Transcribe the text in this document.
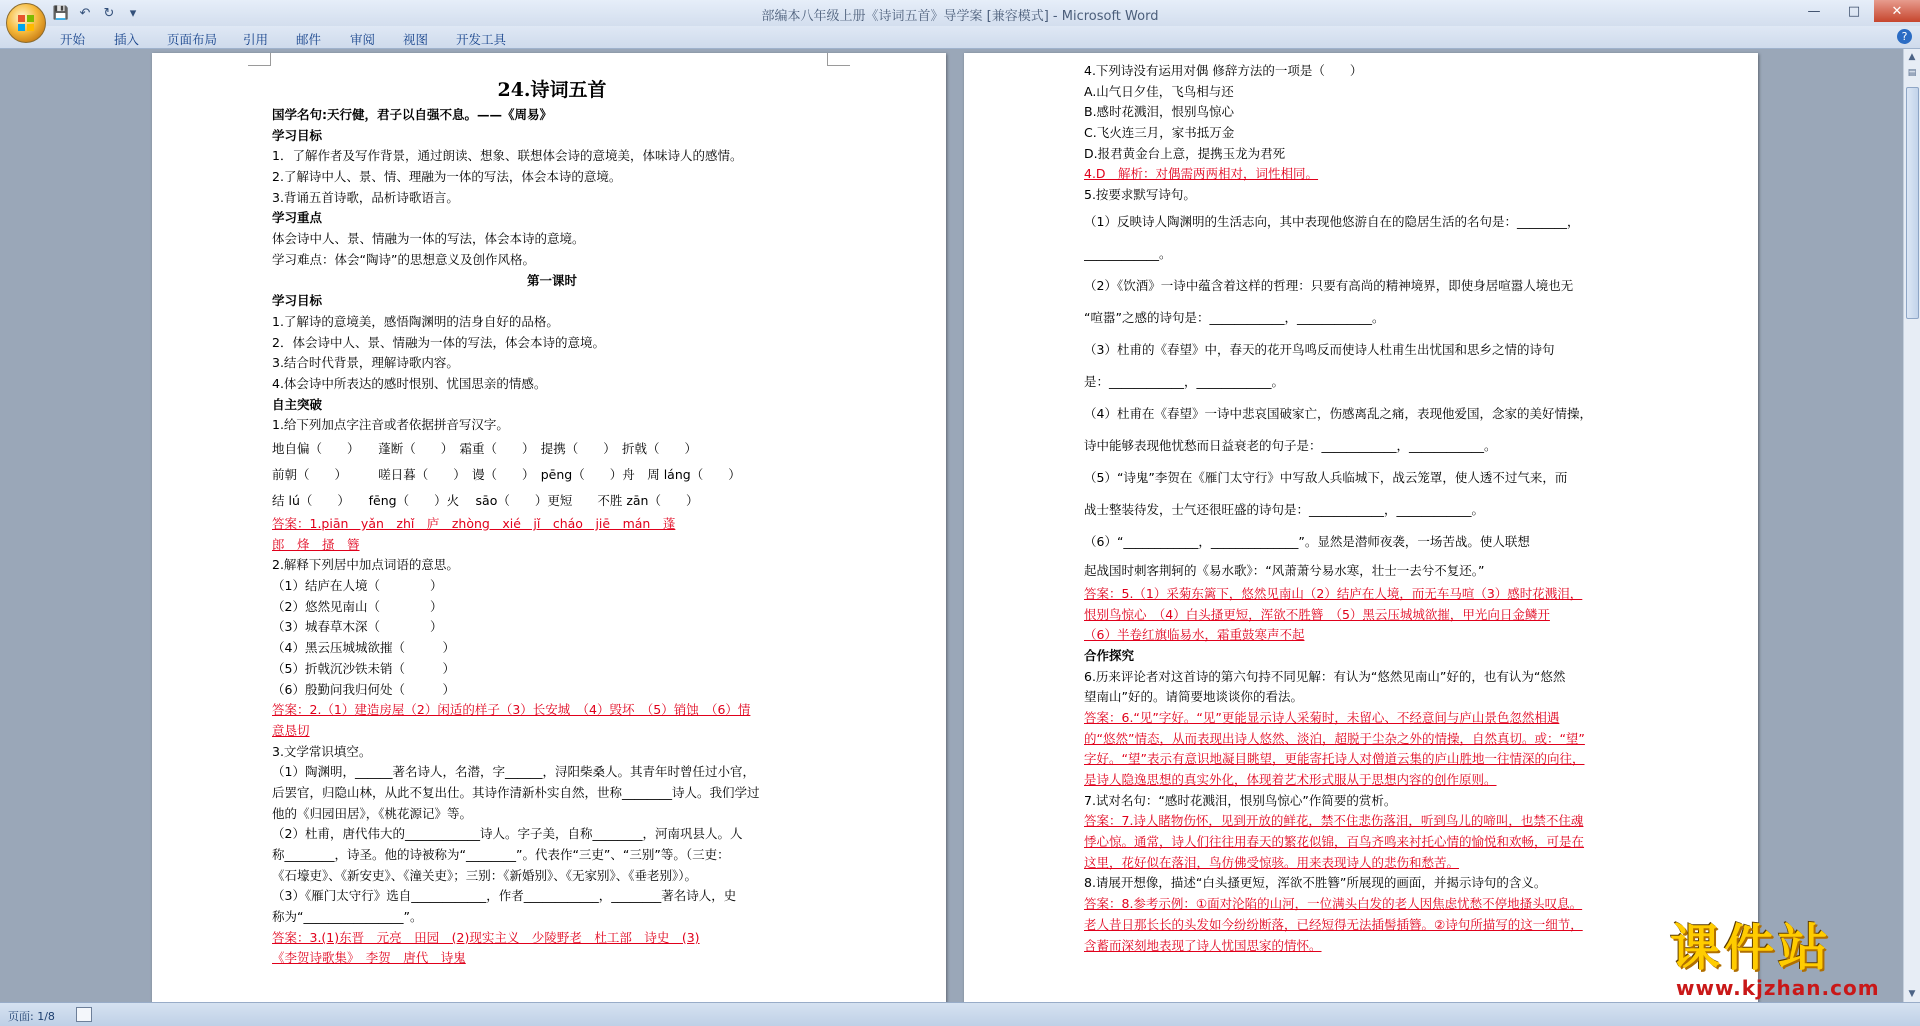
💾 ↶ ↻	▾	部编本八年级上册《诗词五首》导学案 [兼容模式] - Microsoft Word	—	□	✕
开始 插入 页面布局 引用 邮件 审阅 视图 开发工具	?
24.诗词五首
国学名句:天行健，君子以自强不息。——《周易》
学习目标
1．了解作者及写作背景，通过朗读、想象、联想体会诗的意境美，体味诗人的感情。
2.了解诗中人、景、情、理融为一体的写法，体会本诗的意境。
3.背诵五首诗歌，品析诗歌语言。
学习重点
体会诗中人、景、情融为一体的写法，体会本诗的意境。
学习难点：体会“陶诗”的思想意义及创作风格。
第一课时
学习目标
1.了解诗的意境美，感悟陶渊明的洁身自好的品格。
2．体会诗中人、景、情融为一体的写法，体会本诗的意境。
3.结合时代背景，理解诗歌内容。
4.体会诗中所表达的感时恨别、忧国思亲的情感。
自主突破
1.给下列加点字注音或者依据拼音写汉字。
地自偏（　　）　　蓬断（　　）　霜重（　　）　提携（　　）　折戟（　　）
前朝（　　）　　　嗟日暮（　　）　谩（　　）　pēng（　　）舟　周 láng（　　）
结 lú（　　）　　fēng（　　）火　 sāo（　　）更短　　不胜 zān（　　）
答案：1.piān　yǎn　zhǐ　庐　zhòng　xié　jǐ　cháo　jiē　mán　蓬
郎　烽　搔　簪
2.解释下列居中加点词语的意思。
（1）结庐在人境（　　　　）
（2）悠然见南山（　　　　）
（3）城春草木深（　　　　）
（4）黑云压城城欲摧（　　　）
（5）折戟沉沙铁未销（　　　）
（6）殷勤问我归何处（　　　）
答案：2.（1）建造房屋（2）闲适的样子（3）长安城　（4）毁坏　（5）销蚀　（6）情
意恳切
3.文学常识填空。
（1）陶渊明，______著名诗人，名潜，字______，浔阳柴桑人。其青年时曾任过小官，
后罢官，归隐山林，从此不复出仕。其诗作清新朴实自然，世称________诗人。我们学过
他的《归园田居》，《桃花源记》等。
（2）杜甫，唐代伟大的____________诗人。字子美，自称________，河南巩县人。人
称________，诗圣。他的诗被称为“________”。代表作“三吏”、“三别”等。（三吏：
《石壕吏》、《新安吏》、《潼关吏》；三别：《新婚别》、《无家别》、《垂老别》）。
（3）《雁门太守行》选自____________，作者____________，________著名诗人，史
称为“________________”。
答案：3.(1)东晋　元亮　田园　(2)现实主义　少陵野老　杜工部　诗史　(3)
《李贺诗歌集》　李贺　唐代　诗鬼
4.下列诗没有运用对偶 修辞方法的一项是（　　）
A.山气日夕佳，飞鸟相与还
B.感时花溅泪，恨别鸟惊心
C.飞火连三月，家书抵万金
D.报君黄金台上意，提携玉龙为君死
4.D　解析：对偶需两两相对，词性相同。
5.按要求默写诗句。
（1）反映诗人陶渊明的生活志向，其中表现他悠游自在的隐居生活的名句是：________，
____________。
（2）《饮酒》一诗中蕴含着这样的哲理：只要有高尚的精神境界，即使身居喧嚣人境也无
“喧嚣”之感的诗句是：____________，____________。
（3）杜甫的《春望》中，春天的花开鸟鸣反而使诗人杜甫生出忧国和思乡之情的诗句
是：____________，____________。
（4）杜甫在《春望》一诗中悲哀国破家亡，伤感离乱之痛，表现他爱国，念家的美好情操，
诗中能够表现他忧愁而日益衰老的句子是：____________，____________。
（5）“诗鬼”李贺在《雁门太守行》中写敌人兵临城下，战云笼罩，使人透不过气来，而
战士整装待发，士气还很旺盛的诗句是：____________，____________。
（6）“____________，______________”。显然是潜师夜袭，一场苦战。使人联想
起战国时刺客荆轲的《易水歌》：“风萧萧兮易水寒，壮士一去兮不复还。”
答案：5.（1）采菊东篱下，悠然见南山（2）结庐在人境，而无车马喧（3）感时花溅泪，
恨别鸟惊心　（4）白头搔更短，浑欲不胜簪　（5）黑云压城城欲摧，甲光向日金鳞开
（6）半卷红旗临易水，霜重鼓寒声不起
合作探究
6.历来评论者对这首诗的第六句持不同见解：有认为“悠然见南山”好的，也有认为“悠然
望南山”好的。请简要地谈谈你的看法。
答案：6.“见”字好。“见”更能显示诗人采菊时，未留心、不经意间与庐山景色忽然相遇
的“悠然”情态，从而表现出诗人悠然、淡泊，超脱于尘杂之外的情操，自然真切。或：“望”
字好。“望”表示有意识地凝目眺望，更能寄托诗人对僧道云集的庐山胜地一往情深的向往，
是诗人隐逸思想的真实外化，体现着艺术形式服从于思想内容的创作原则。
7.试对名句：“感时花溅泪，恨别鸟惊心”作简要的赏析。
答案：7.诗人睹物伤怀，见到开放的鲜花，禁不住悲伤落泪，听到鸟儿的啼叫，也禁不住魂
悸心惊。通常，诗人们往往用春天的繁花似锦，百鸟齐鸣来衬托心情的愉悦和欢畅，可是在
这里，花好似在落泪，鸟仿佛受惊骇。用来表现诗人的悲伤和愁苦。
8.请展开想像，描述“白头搔更短，浑欲不胜簪”所展现的画面，并揭示诗句的含义。
答案：8.参考示例：①面对沦陷的山河，一位满头白发的老人因焦虑忧愁不停地搔头叹息。
老人昔日那长长的头发如今纷纷断落，已经短得无法插髻插簪。②诗句所描写的这一细节，
含蓄而深刻地表现了诗人忧国思家的情怀。
▲
▤
▼
页面: 1/8
课件站
www.kjzhan.com
